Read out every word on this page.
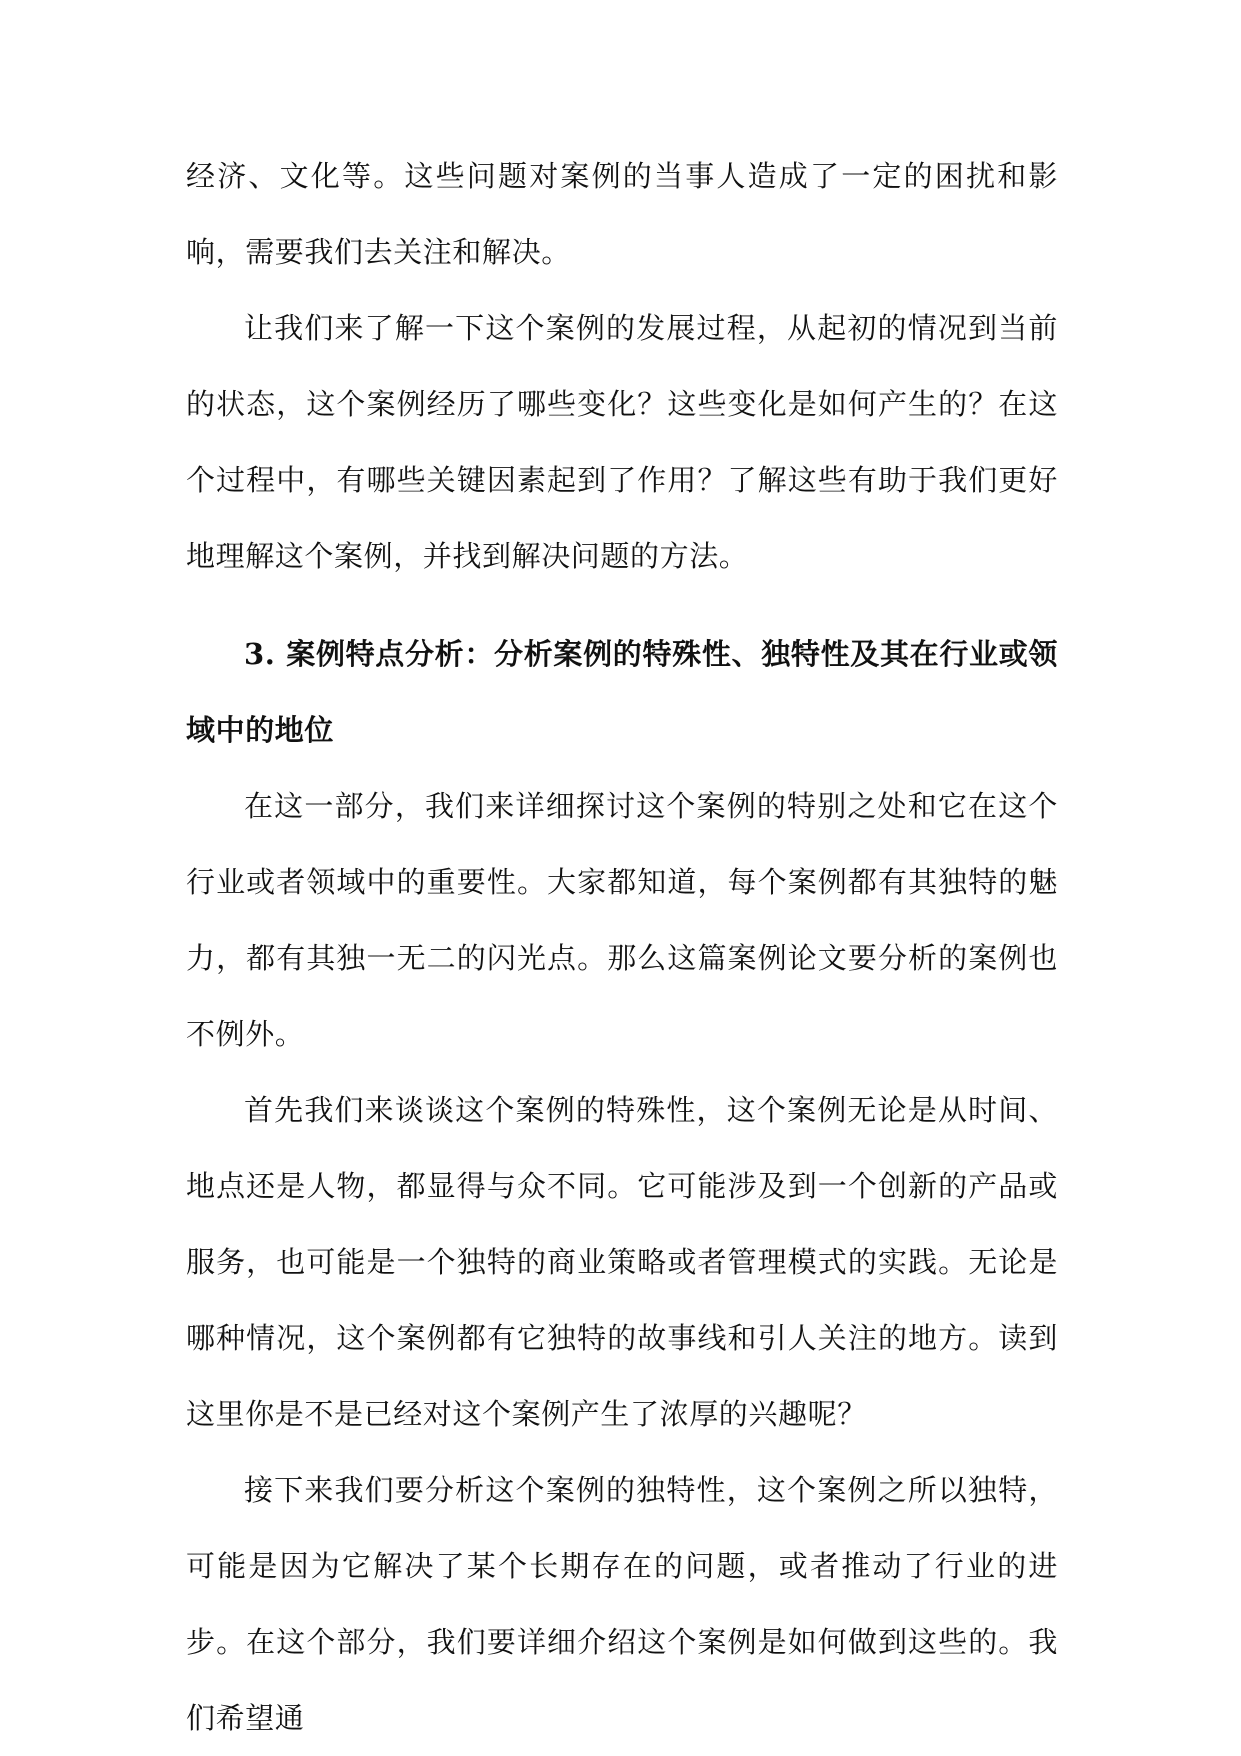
经济、文化等。这些问题对案例的当事人造成了一定的困扰和影响，需要我们去关注和解决。

让我们来了解一下这个案例的发展过程，从起初的情况到当前的状态，这个案例经历了哪些变化？这些变化是如何产生的？在这个过程中，有哪些关键因素起到了作用？了解这些有助于我们更好地理解这个案例，并找到解决问题的方法。

3. 案例特点分析：分析案例的特殊性、独特性及其在行业或领域中的地位

在这一部分，我们来详细探讨这个案例的特别之处和它在这个行业或者领域中的重要性。大家都知道，每个案例都有其独特的魅力，都有其独一无二的闪光点。那么这篇案例论文要分析的案例也不例外。

首先我们来谈谈这个案例的特殊性，这个案例无论是从时间、地点还是人物，都显得与众不同。它可能涉及到一个创新的产品或服务，也可能是一个独特的商业策略或者管理模式的实践。无论是哪种情况，这个案例都有它独特的故事线和引人关注的地方。读到这里你是不是已经对这个案例产生了浓厚的兴趣呢？

接下来我们要分析这个案例的独特性，这个案例之所以独特，可能是因为它解决了某个长期存在的问题，或者推动了行业的进步。在这个部分，我们要详细介绍这个案例是如何做到这些的。我们希望通
